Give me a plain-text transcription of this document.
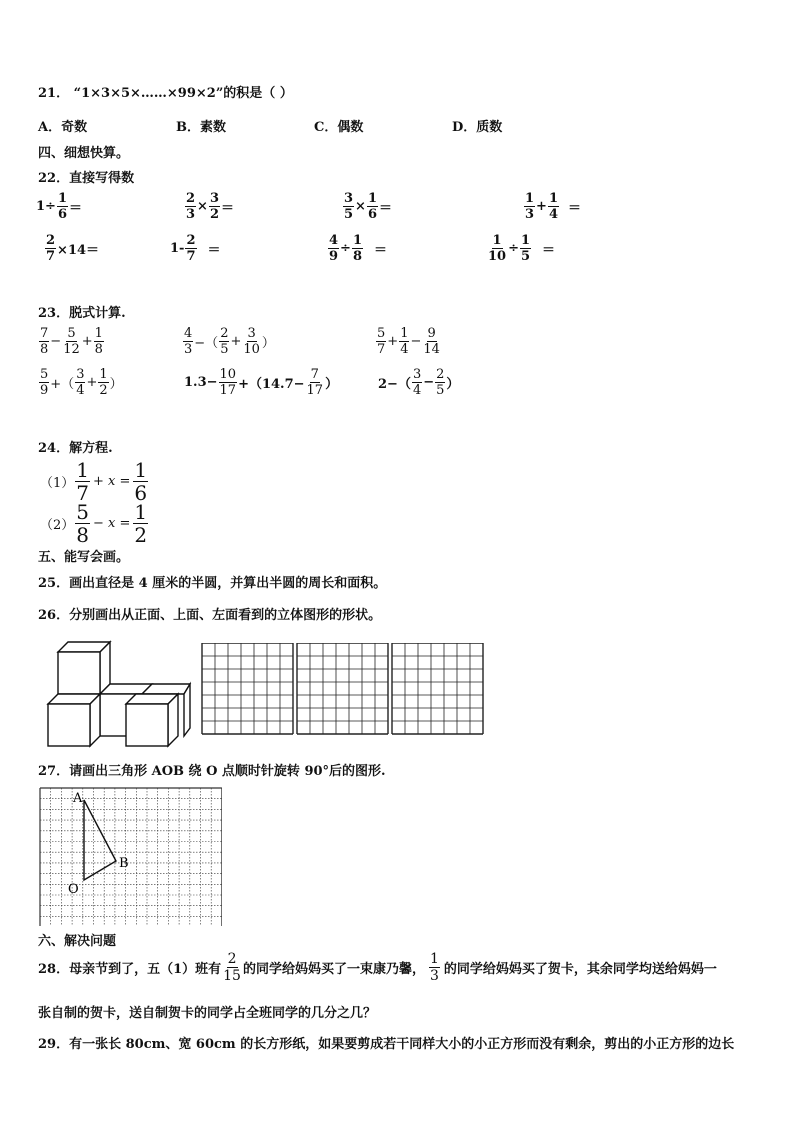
21． “1×3×5×……×99×2”的积是（ ）
A．奇数	B．素数	C．偶数	D．质数
四、细想快算。
22．直接写得数
$1\div \frac{1}{6}$ ＝	$\frac{2}{3} \times \frac{3}{2}$ ＝	$\frac{3}{5} \times \frac{1}{6}$ ＝	$\frac{1}{3} + \frac{1}{4}$ ＝
$\frac{2}{7} \times 14=$	$1- \frac{2}{7}$ ＝	$\frac{4}{9} \div \frac{1}{8}$ ＝	$\frac{1}{10} \div \frac{1}{5}$ ＝
23．脱式计算.
$\frac{7}{8} - \frac{5}{12} + \frac{1}{8}$	$\frac{4}{3}$ −（ $\frac{2}{5} + \frac{3}{10}$ ）	$\frac{5}{7} + \frac{1}{4} - \frac{9}{14}$
$\frac{5}{9}$ +（ $\frac{3}{4} + \frac{1}{2}$ ）	$1.3- \frac{10}{17} +(14.7- \frac{7}{17}$ ）	$2-( \frac{3}{4} - \frac{2}{5}$ ）
24．解方程.
$(1) \frac{1}{7} + x = \frac{1}{6}$
$(2) \frac{5}{8} - x = \frac{1}{2}$
五、能写会画。
25．画出直径是 4 厘米的半圆，并算出半圆的周长和面积。
26．分别画出从正面、上面、左面看到的立体图形的形状。
27．请画出三角形 AOB 绕 O 点顺时针旋转 90°后的图形.
A
B
O
六、解决问题
28．母亲节到了，五（1）班有 $\frac{2}{15}$ 的同学给妈妈买了一束康乃馨， $\frac{1}{3}$ 的同学给妈妈买了贺卡，其余同学均送给妈妈一
张自制的贺卡，送自制贺卡的同学占全班同学的几分之几？
29．有一张长 80cm、宽 60cm 的长方形纸，如果要剪成若干同样大小的小正方形而没有剩余，剪出的小正方形的边长
